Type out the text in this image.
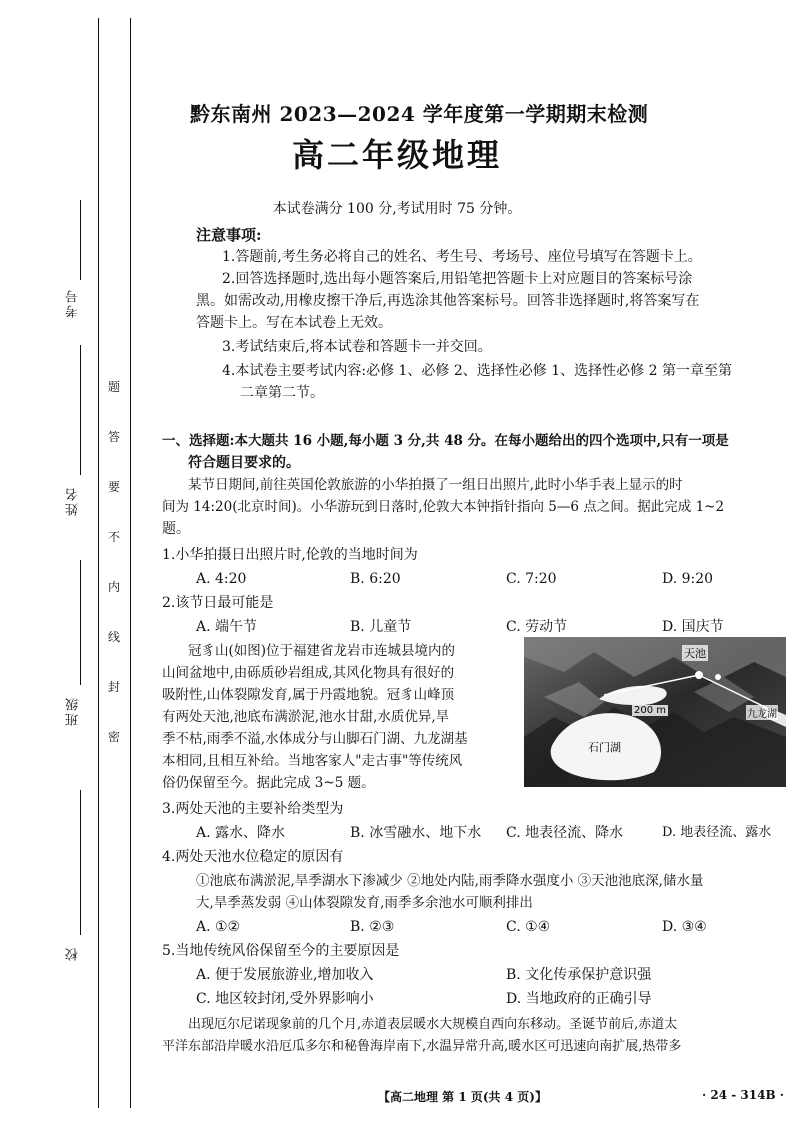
考号
姓名
班级
校
题
答
要
不
内
线
封
密
黔东南州 2023—2024 学年度第一学期期末检测
高二年级地理
本试卷满分 100 分,考试用时 75 分钟。
注意事项:
1.答题前,考生务必将自己的姓名、考生号、考场号、座位号填写在答题卡上。
2.回答选择题时,选出每小题答案后,用铅笔把答题卡上对应题目的答案标号涂
黑。如需改动,用橡皮擦干净后,再选涂其他答案标号。回答非选择题时,将答案写在
答题卡上。写在本试卷上无效。
3.考试结束后,将本试卷和答题卡一并交回。
4.本试卷主要考试内容:必修 1、必修 2、选择性必修 1、选择性必修 2 第一章至第
二章第二节。
一、选择题:本大题共 16 小题,每小题 3 分,共 48 分。在每小题给出的四个选项中,只有一项是
符合题目要求的。
某节日期间,前往英国伦敦旅游的小华拍摄了一组日出照片,此时小华手表上显示的时
间为 14:20(北京时间)。小华游玩到日落时,伦敦大本钟指针指向 5—6 点之间。据此完成 1~2
题。
1.小华拍摄日出照片时,伦敦的当地时间为
A. 4:20	B. 6:20	C. 7:20	D. 9:20
2.该节日最可能是
A. 端午节	B. 儿童节	C. 劳动节	D. 国庆节
冠豸山(如图)位于福建省龙岩市连城县境内的
山间盆地中,由砾质砂岩组成,其风化物具有很好的
吸附性,山体裂隙发育,属于丹霞地貌。冠豸山峰顶
有两处天池,池底布满淤泥,池水甘甜,水质优异,旱
季不枯,雨季不溢,水体成分与山脚石门湖、九龙湖基
本相同,且相互补给。当地客家人"走古事"等传统风
俗仍保留至今。据此完成 3~5 题。
天池
200 m	九龙湖
石门湖
3.两处天池的主要补给类型为
A. 露水、降水	B. 冰雪融水、地下水 C. 地表径流、降水	D. 地表径流、露水
4.两处天池水位稳定的原因有
①池底布满淤泥,旱季湖水下渗减少 ②地处内陆,雨季降水强度小 ③天池池底深,储水量
大,旱季蒸发弱 ④山体裂隙发育,雨季多余池水可顺利排出
A. ①②	B. ②③	C. ①④	D. ③④
5.当地传统风俗保留至今的主要原因是
A. 便于发展旅游业,增加收入	B. 文化传承保护意识强
C. 地区较封闭,受外界影响小	D. 当地政府的正确引导
出现厄尔尼诺现象前的几个月,赤道表层暖水大规模自西向东移动。圣诞节前后,赤道太
平洋东部沿岸暖水沿厄瓜多尔和秘鲁海岸南下,水温异常升高,暖水区可迅速向南扩展,热带多
【高二地理 第 1 页(共 4 页)】	· 24 - 314B ·
